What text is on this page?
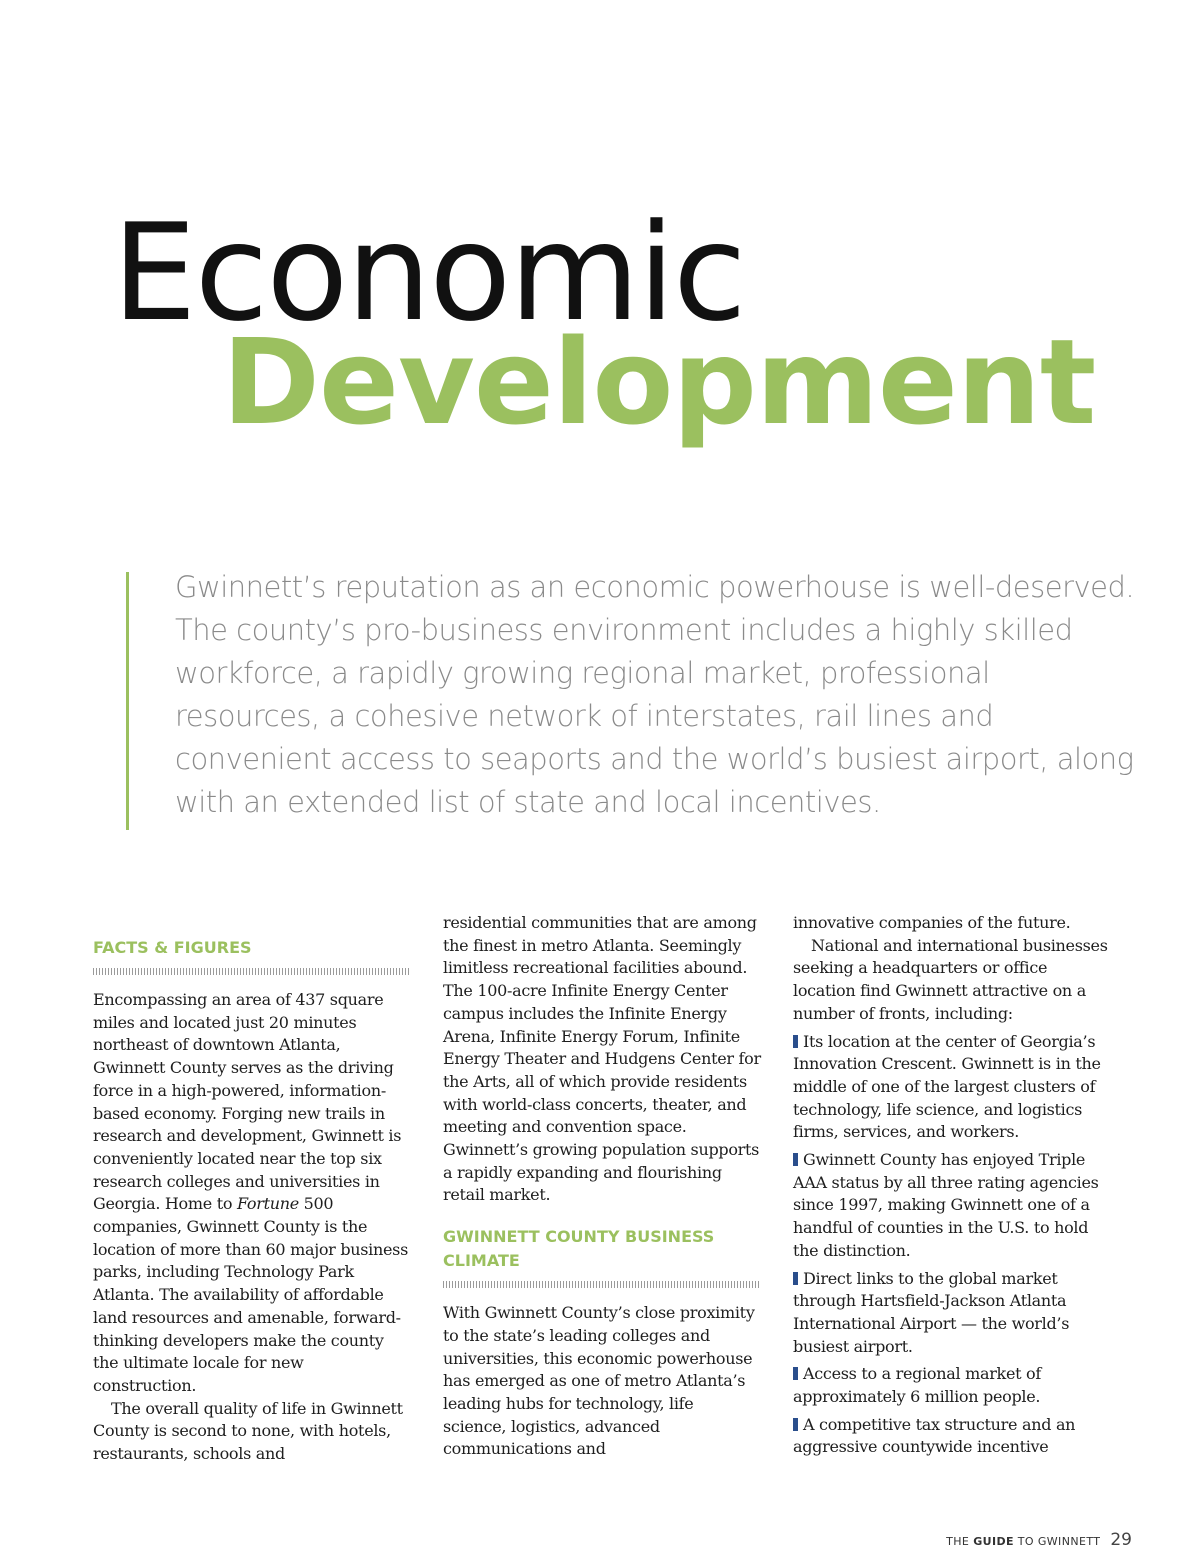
Economic
Development

Gwinnett’s reputation as an economic powerhouse is well-deserved. The county’s pro-business environment includes a highly skilled workforce, a rapidly growing regional market, professional resources, a cohesive network of interstates, rail lines and convenient access to seaports and the world’s busiest airport, along with an extended list of state and local incentives.

FACTS & FIGURES

Encompassing an area of 437 square miles and located just 20 minutes northeast of downtown Atlanta, Gwinnett County serves as the driving force in a high-powered, information-based economy. Forging new trails in research and development, Gwinnett is conveniently located near the top six research colleges and universities in Georgia. Home to Fortune 500 companies, Gwinnett County is the location of more than 60 major business parks, including Technology Park Atlanta. The availability of affordable land resources and amenable, forward-thinking developers make the county the ultimate locale for new construction.

The overall quality of life in Gwinnett County is second to none, with hotels, restaurants, schools and

residential communities that are among the finest in metro Atlanta. Seemingly limitless recreational facilities abound. The 100-acre Infinite Energy Center campus includes the Infinite Energy Arena, Infinite Energy Forum, Infinite Energy Theater and Hudgens Center for the Arts, all of which provide residents with world-class concerts, theater, and meeting and convention space. Gwinnett’s growing population supports a rapidly expanding and flourishing retail market.

GWINNETT COUNTY BUSINESS CLIMATE

With Gwinnett County’s close proximity to the state’s leading colleges and universities, this economic powerhouse has emerged as one of metro Atlanta’s leading hubs for technology, life science, logistics, advanced communications and

innovative companies of the future.

National and international businesses seeking a headquarters or office location find Gwinnett attractive on a number of fronts, including:

Its location at the center of Georgia’s Innovation Crescent. Gwinnett is in the middle of one of the largest clusters of technology, life science, and logistics firms, services, and workers.
Gwinnett County has enjoyed Triple AAA status by all three rating agencies since 1997, making Gwinnett one of a handful of counties in the U.S. to hold the distinction.
Direct links to the global market through Hartsfield-Jackson Atlanta International Airport — the world’s busiest airport.
Access to a regional market of approximately 6 million people.
A competitive tax structure and an aggressive countywide incentive
THE GUIDE TO GWINNETT 29
